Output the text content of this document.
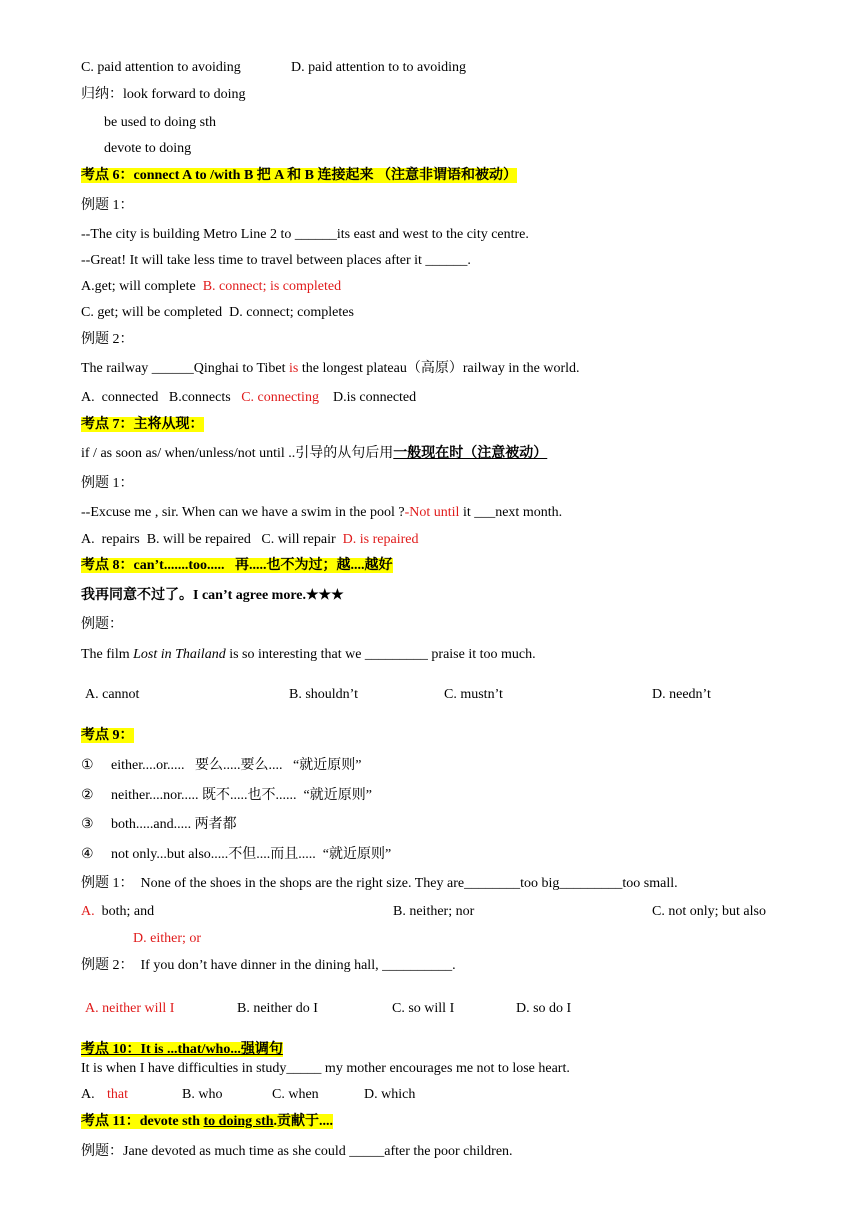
C. paid attention to avoiding	D. paid attention to to avoiding
归纳：look forward to doing
be used to doing sth
devote to doing
考点 6：connect A to /with B 把 A 和 B 连接起来 （注意非谓语和被动）
例题 1：
--The city is building Metro Line 2 to ______its east and west to the city centre.
--Great! It will take less time to travel between places after it ______.
A.get; will complete  B. connect; is completed
C. get; will be completed  D. connect; completes
例题 2：
The railway ______Qinghai to Tibet is the longest plateau（高原）railway in the world.
A.  connected   B.connects   C. connecting    D.is connected
考点 7：主将从现：
if / as soon as/ when/unless/not until ..引导的从句后用一般现在时（注意被动）
例题 1：
--Excuse me , sir. When can we have a swim in the pool ?-Not until it ___next month.
A.  repairs  B. will be repaired   C. will repair  D. is repaired
考点 8：can’t.......too.....   再.....也不为过；越....越好
我再同意不过了。I can’t agree more.★★★
例题：
The film Lost in Thailand is so interesting that we _________ praise it too much.
A. cannot	B. shouldn’t	C. mustn’t	D. needn’t
考点 9：
① either....or.....   要么.....要么....   “就近原则”
② neither....nor..... 既不.....也不......  “就近原则”
③ both.....and..... 两者都
④ not only...but also.....不但....而且.....  “就近原则”
例题 1：  None of the shoes in the shops are the right size. They are________too big_________too small.
A.  both; and	B. neither; nor	C. not only; but also
D. either; or
例题 2：  If you don’t have dinner in the dining hall, __________.
A. neither will I	B. neither do I	C. so will I	D. so do I
考点 10：It is ...that/who...强调句
It is when I have difficulties in study_____ my mother encourages me not to lose heart.
A. that	B. who	C. when	D. which
考点 11：devote sth to doing sth.贡献于....
例题：Jane devoted as much time as she could _____after the poor children.
